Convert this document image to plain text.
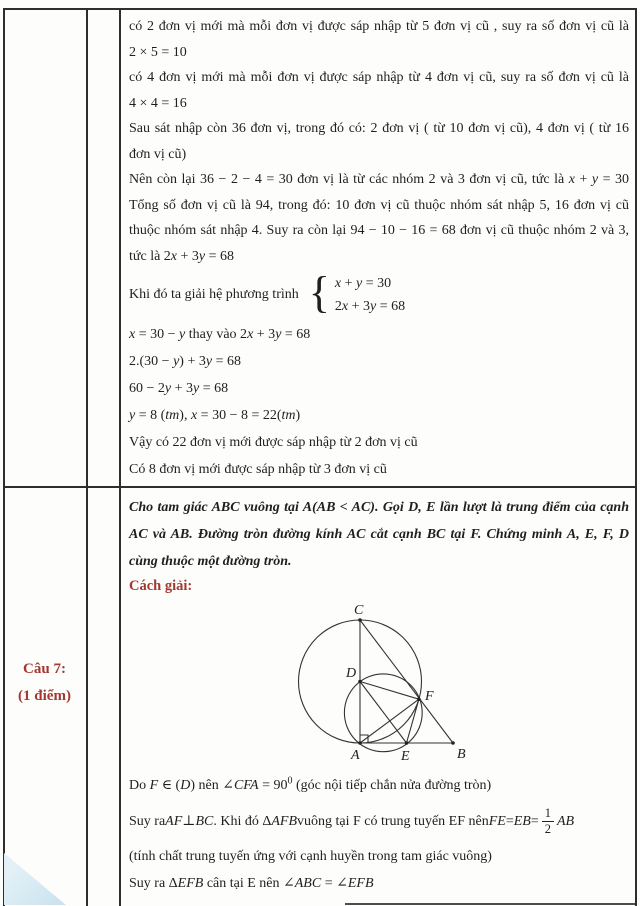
Câu 7:
(1 điểm)
có 2 đơn vị mới mà mỗi đơn vị được sáp nhập từ 5 đơn vị cũ , suy ra số đơn vị cũ là
2 × 5 = 10
có 4 đơn vị mới mà mỗi đơn vị được sáp nhập từ 4 đơn vị cũ, suy ra số đơn vị cũ là
4 × 4 = 16
Sau sát nhập còn 36 đơn vị, trong đó có: 2 đơn vị ( từ 10 đơn vị cũ), 4 đơn vị ( từ 16
đơn vị cũ)
Nên còn lại 36 − 2 − 4 = 30 đơn vị là từ các nhóm 2 và 3 đơn vị cũ, tức là x + y = 30
Tổng số đơn vị cũ là 94, trong đó: 10 đơn vị cũ thuộc nhóm sát nhập 5, 16 đơn vị cũ
thuộc nhóm sát nhập 4. Suy ra còn lại 94 − 10 − 16 = 68 đơn vị cũ thuộc nhóm 2 và 3,
tức là 2x + 3y = 68
Khi đó ta giải hệ phương trình { x + y = 30
2x + 3y = 68
x = 30 − y thay vào 2x + 3y = 68
2.(30 − y) + 3y = 68
60 − 2y + 3y = 68
y = 8 (tm), x = 30 − 8 = 22(tm)
Vậy có 22 đơn vị mới được sáp nhập từ 2 đơn vị cũ
Có 8 đơn vị mới được sáp nhập từ 3 đơn vị cũ
Cho tam giác ABC vuông tại A(AB < AC). Gọi D, E lần lượt là trung điểm của cạnh
AC và AB. Đường tròn đường kính AC cắt cạnh BC tại F. Chứng minh A, E, F, D
cùng thuộc một đường tròn.
Cách giải:
C
D
F
A	E	B
Do F ∈ (D) nên ∠CFA = $90^0$ (góc nội tiếp chắn nửa đường tròn)
Suy ra AF ⊥ BC . Khi đó Δ AFB vuông tại F có trung tuyến EF nên FE = EB = $\frac{1}{2}$ AB
(tính chất trung tuyến ứng với cạnh huyền trong tam giác vuông)
Suy ra ΔEFB cân tại E nên ∠ABC = ∠EFB
